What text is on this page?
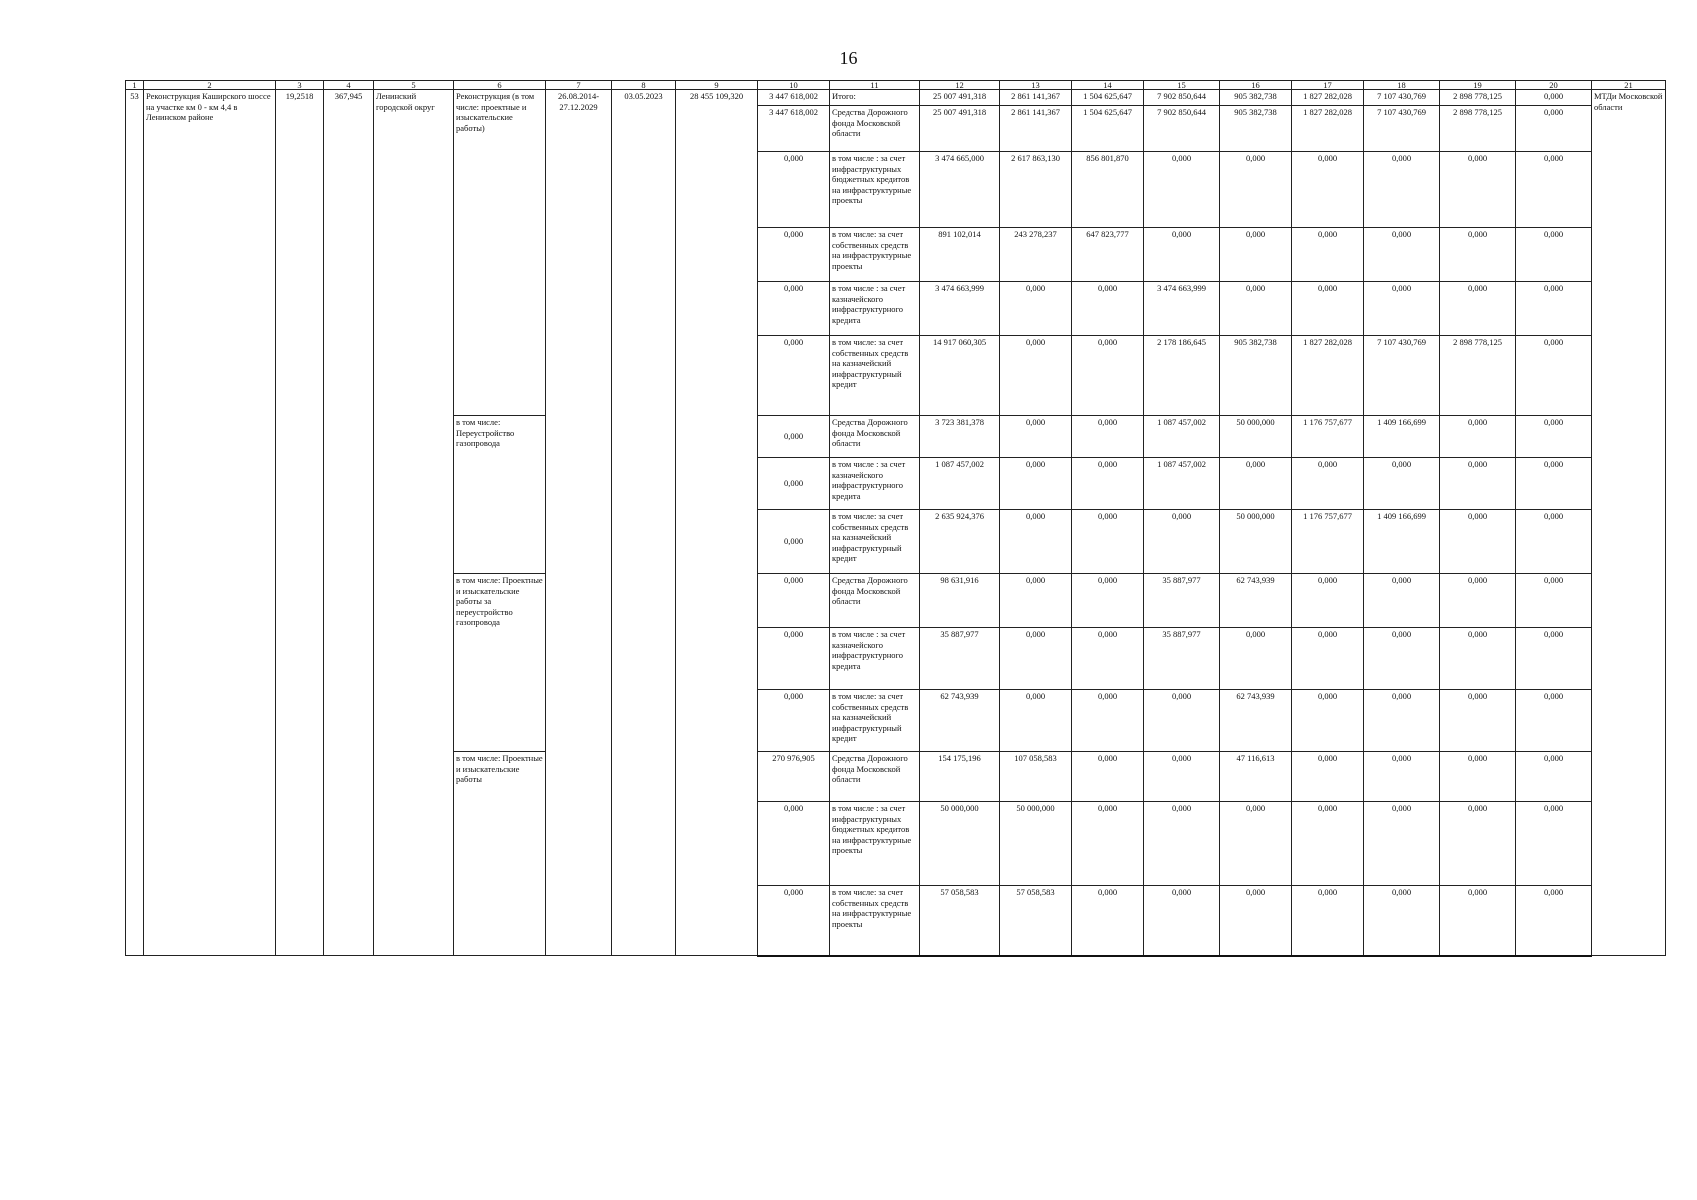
16
1	2	3	4	5	6	7	8	9	10	11	12	13	14	15	16	17	18	19	20	21
53	Реконструкция Каширского шоссе на участке км 0 - км 4,4 в Ленинском районе	19,2518	367,945	Ленинский городской округ	Реконструкция (в том числе: проектные и изыскательские работы)	26.08.2014-27.12.2029	03.05.2023	28 455 109,320	3 447 618,002	Итого:	25 007 491,318	2 861 141,367	1 504 625,647	7 902 850,644	905 382,738	1 827 282,028	7 107 430,769	2 898 778,125	0,000	МТДи Московской области
									3 447 618,002	Средства Дорожного фонда Московской области	25 007 491,318	2 861 141,367	1 504 625,647	7 902 850,644	905 382,738	1 827 282,028	7 107 430,769	2 898 778,125	0,000	
									0,000	в том числе : за счет инфраструктурных бюджетных кредитов на инфраструктурные проекты	3 474 665,000	2 617 863,130	856 801,870	0,000	0,000	0,000	0,000	0,000	0,000	
									0,000	в том числе: за счет собственных средств на инфраструктурные проекты	891 102,014	243 278,237	647 823,777	0,000	0,000	0,000	0,000	0,000	0,000	
									0,000	в том числе : за счет казначейского инфраструктурного кредита	3 474 663,999	0,000	0,000	3 474 663,999	0,000	0,000	0,000	0,000	0,000	
									0,000	в том числе: за счет собственных средств на казначейский инфраструктурный кредит	14 917 060,305	0,000	0,000	2 178 186,645	905 382,738	1 827 282,028	7 107 430,769	2 898 778,125	0,000	
					в том числе: Переустройство газопровода				0,000	Средства Дорожного фонда Московской области	3 723 381,378	0,000	0,000	1 087 457,002	50 000,000	1 176 757,677	1 409 166,699	0,000	0,000	
									0,000	в том числе : за счет казначейского инфраструктурного кредита	1 087 457,002	0,000	0,000	1 087 457,002	0,000	0,000	0,000	0,000	0,000	
									0,000	в том числе: за счет собственных средств на казначейский инфраструктурный кредит	2 635 924,376	0,000	0,000	0,000	50 000,000	1 176 757,677	1 409 166,699	0,000	0,000	
					в том числе: Проектные и изыскательские работы за переустройство газопровода				0,000	Средства Дорожного фонда Московской области	98 631,916	0,000	0,000	35 887,977	62 743,939	0,000	0,000	0,000	0,000	
									0,000	в том числе : за счет казначейского инфраструктурного кредита	35 887,977	0,000	0,000	35 887,977	0,000	0,000	0,000	0,000	0,000	
									0,000	в том числе: за счет собственных средств на казначейский инфраструктурный кредит	62 743,939	0,000	0,000	0,000	62 743,939	0,000	0,000	0,000	0,000	
					в том числе: Проектные и изыскательские работы				270 976,905	Средства Дорожного фонда Московской области	154 175,196	107 058,583	0,000	0,000	47 116,613	0,000	0,000	0,000	0,000	
									0,000	в том числе : за счет инфраструктурных бюджетных кредитов на инфраструктурные проекты	50 000,000	50 000,000	0,000	0,000	0,000	0,000	0,000	0,000	0,000	
									0,000	в том числе: за счет собственных средств на инфраструктурные проекты	57 058,583	57 058,583	0,000	0,000	0,000	0,000	0,000	0,000	0,000	
